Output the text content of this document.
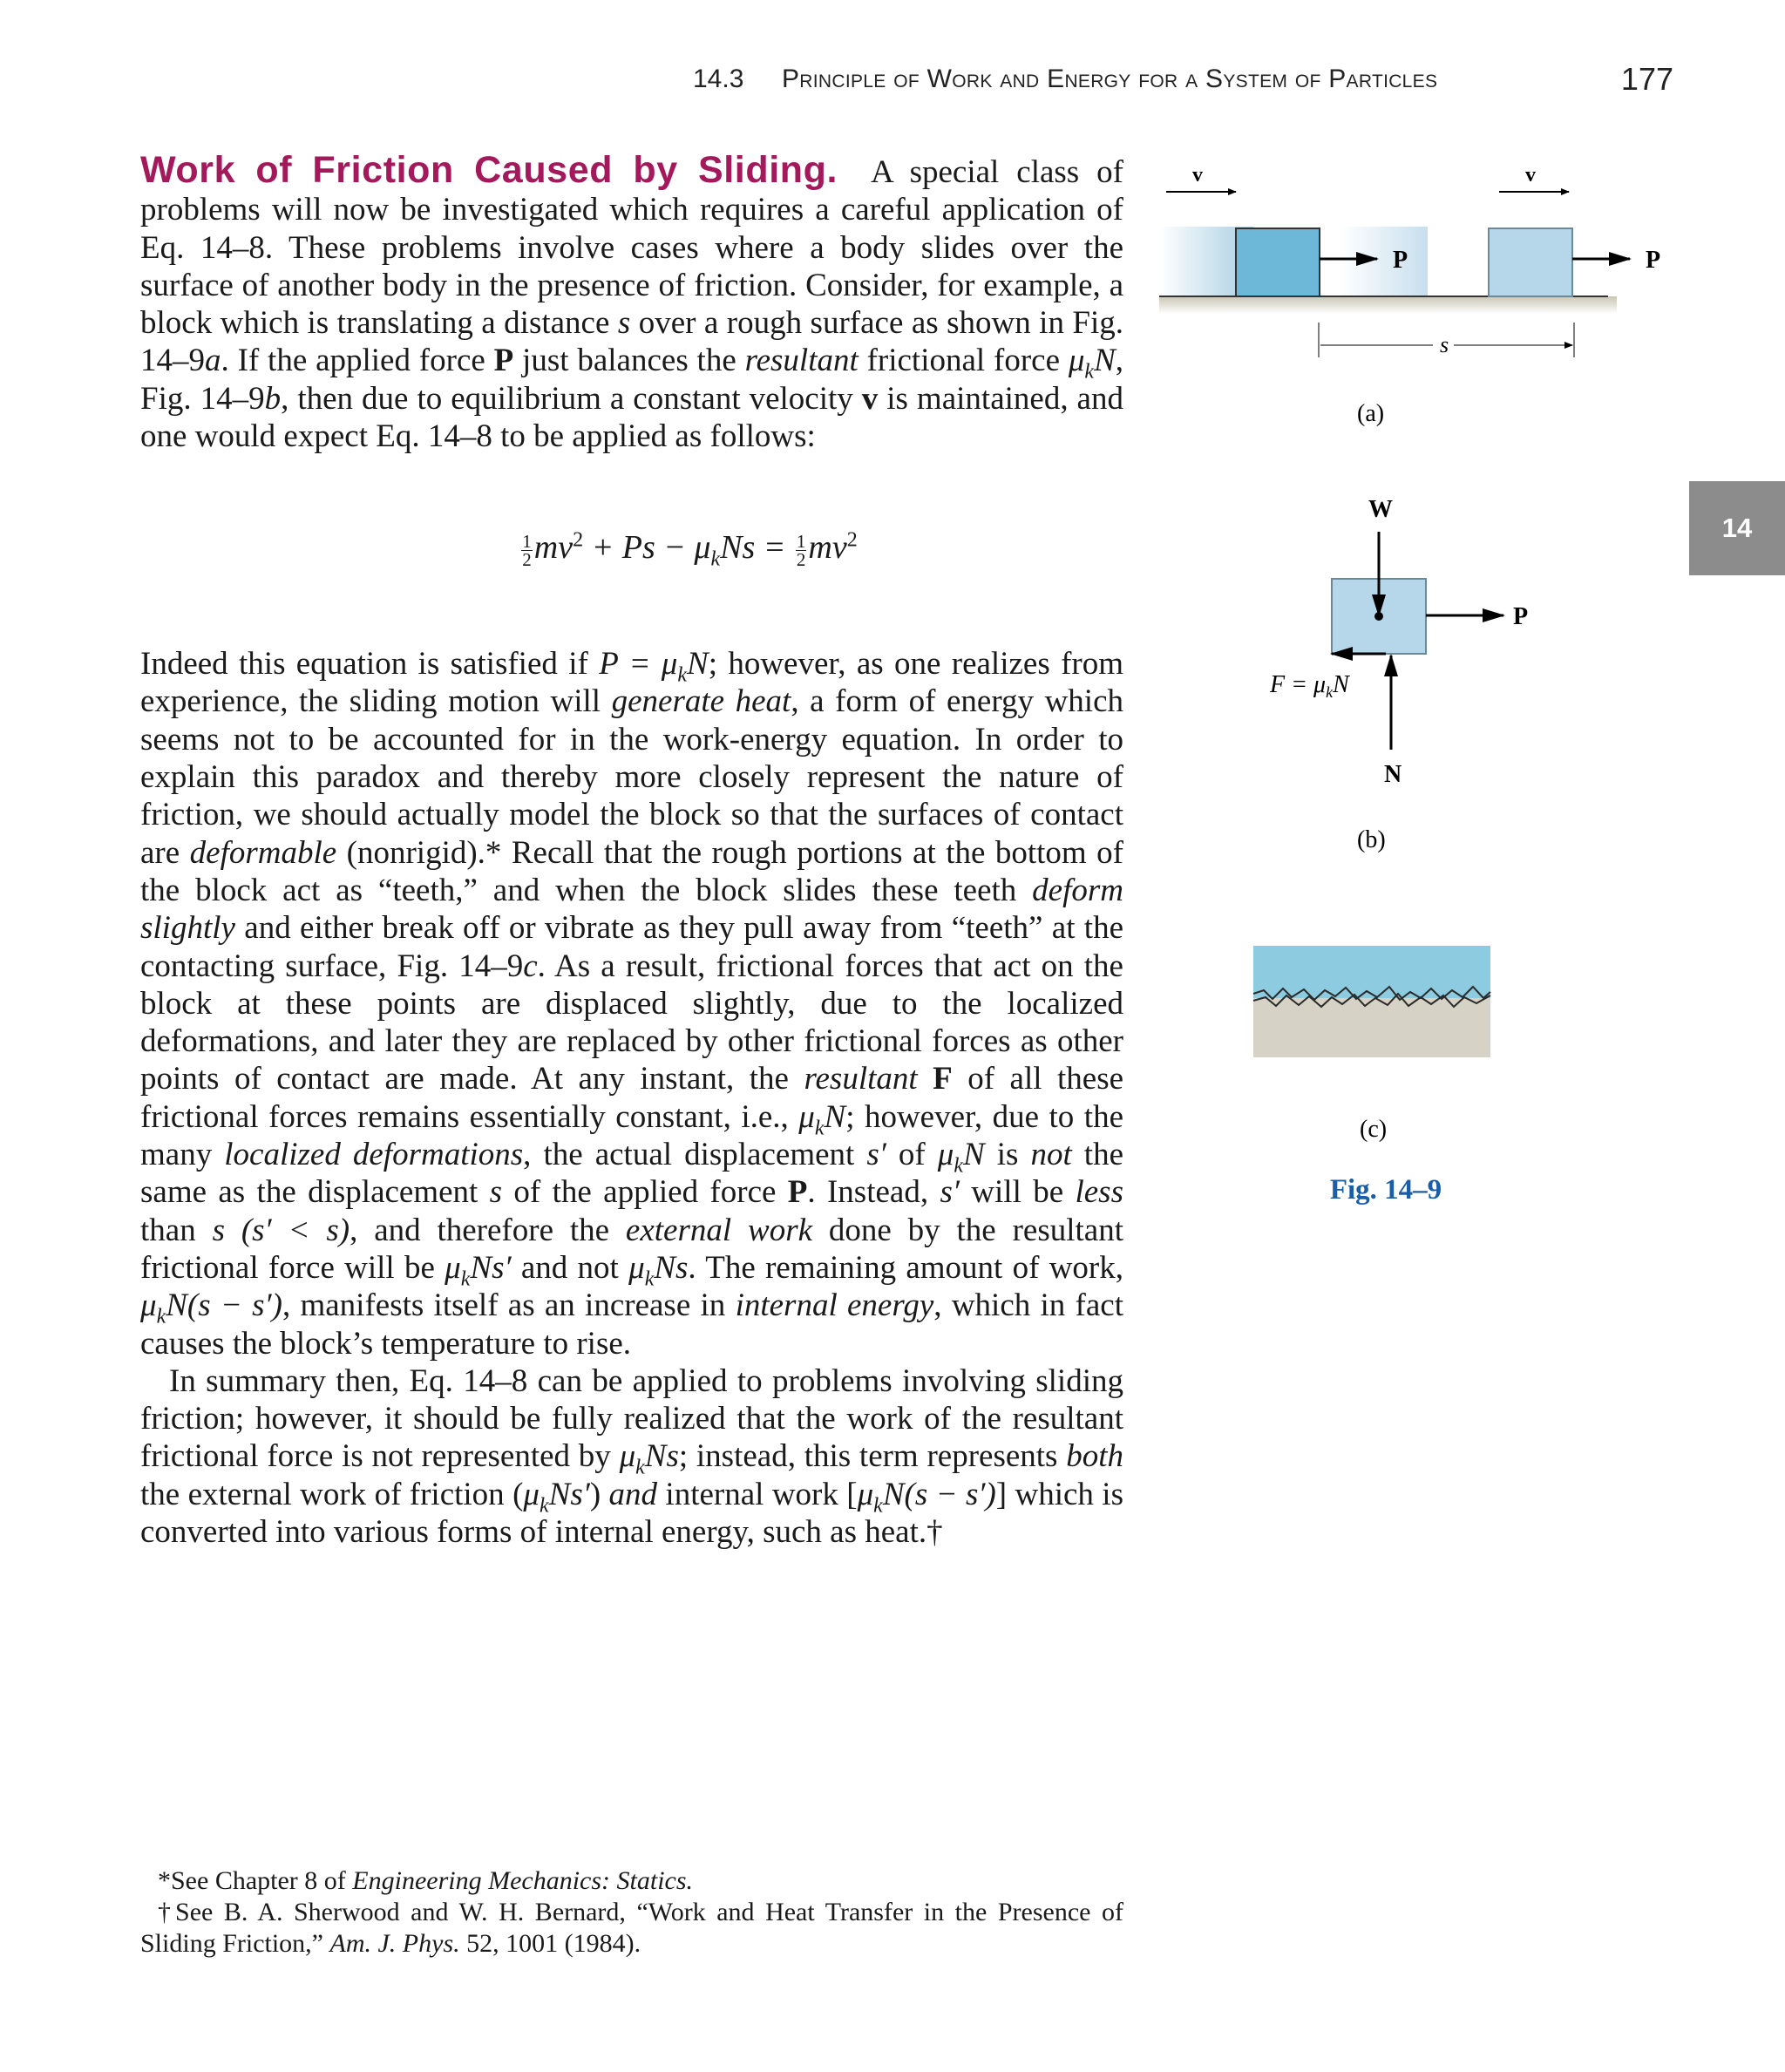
14.3 Principle of Work and Energy for a System of Particles	177
14

Work of Friction Caused by Sliding. A special class of problems will now be investigated which requires a careful application of Eq. 14–8. These problems involve cases where a body slides over the surface of another body in the presence of friction. Consider, for example, a block which is translating a distance s over a rough surface as shown in Fig. 14–9a. If the applied force P just balances the resultant frictional force $\mu_kN$, Fig. 14–9b, then due to equilibrium a constant velocity v is maintained, and one would expect Eq. 14–8 to be applied as follows:

$\frac{1}{2} mv^2 + Ps - \mu_kNs = \frac{1}{2} mv^2$

Indeed this equation is satisfied if $P = \mu_kN$; however, as one realizes from experience, the sliding motion will generate heat, a form of energy which seems not to be accounted for in the work-energy equation. In order to explain this paradox and thereby more closely represent the nature of friction, we should actually model the block so that the surfaces of contact are deformable (nonrigid).* Recall that the rough portions at the bottom of the block act as “teeth,” and when the block slides these teeth deform slightly and either break off or vibrate as they pull away from “teeth” at the contacting surface, Fig. 14–9c. As a result, frictional forces that act on the block at these points are displaced slightly, due to the localized deformations, and later they are replaced by other frictional forces as other points of contact are made. At any instant, the resultant F of all these frictional forces remains essentially constant, i.e., $\mu_kN$; however, due to the many localized deformations, the actual displacement s′ of $\mu_kN$ is not the same as the displacement s of the applied force P. Instead, s′ will be less than s (s′ < s), and therefore the external work done by the resultant frictional force will be $\mu_kNs'$ and not $\mu_kNs$. The remaining amount of work, $\mu_kN(s - s')$, manifests itself as an increase in internal energy, which in fact causes the block’s temperature to rise.

In summary then, Eq. 14–8 can be applied to problems involving sliding friction; however, it should be fully realized that the work of the resultant frictional force is not represented by $\mu_kNs$; instead, this term represents both the external work of friction $(\mu_kNs')$ and internal work $[\mu_kN(s - s')]$ which is converted into various forms of internal energy, such as heat.†

P	P
v	v
s
(a)
W
P
$F = \mu_kN$
N
(b)
(c)
Fig. 14–9

*See Chapter 8 of Engineering Mechanics: Statics.

†See B. A. Sherwood and W. H. Bernard, “Work and Heat Transfer in the Presence of Sliding Friction,” Am. J. Phys. 52, 1001 (1984).
